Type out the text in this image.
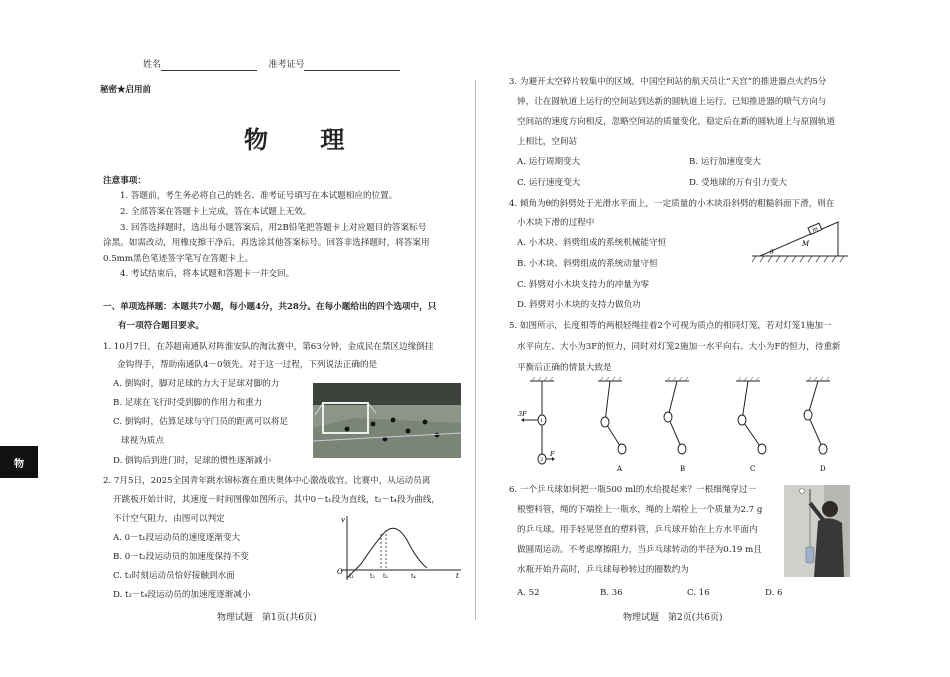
姓名	准考证号
秘密★启用前
物 理
注意事项：
1. 答题前，考生务必将自己的姓名、准考证号填写在本试题相应的位置。
2. 全部答案在答题卡上完成，答在本试题上无效。
3. 回答选择题时，选出每小题答案后，用2B铅笔把答题卡上对应题目的答案标号
涂黑。如需改动，用橡皮擦干净后，再选涂其他答案标号。回答非选择题时，将答案用
0.5mm黑色笔迹签字笔写在答题卡上。
4. 考试结束后，将本试题和答题卡一并交回。
一、单项选择题：本题共7小题，每小题4分，共28分。在每小题给出的四个选项中，只
有一项符合题目要求。
1. 10月7日，在苏超南通队对阵淮安队的淘汰赛中，第63分钟，金成民在禁区边缘倒挂
金钩得手，帮助南通队4－0领先。对于这一过程，下列说法正确的是
A. 倒钩时，脚对足球的力大于足球对脚的力
B. 足球在飞行时受到脚的作用力和重力
C. 倒钩时，估算足球与守门员的距离可以将足
球视为质点
D. 倒钩后到进门时，足球的惯性逐渐减小
2. 7月5日，2025全国青年跳水锦标赛在重庆奥体中心激战收官。比赛中，从运动员离
开跳板开始计时，其速度－时间图像如图所示，其中0－t₁段为直线，t₂－t₄段为曲线，
不计空气阻力，由图可以判定
A. 0－t₁段运动员的速度逐渐变大
B. 0－t₂段运动员的加速度保持不变
C. t₃时刻运动员恰好接触到水面
D. t₂－t₄段运动员的加速度逐渐减小
v
O	t
t₁	t₂ t₃	t₄
物
3. 为避开太空碎片较集中的区域，中国空间站的航天员让“天宫”的推进器点火约5分
钟，让在圆轨道上运行的空间站到达新的圆轨道上运行。已知推进器的喷气方向与
空间站的速度方向相反，忽略空间站的质量变化，稳定后在新的圆轨道上与原圆轨道
上相比，空间站
A. 运行周期变大	B. 运行加速度变大
C. 运行速度变大	D. 受地球的万有引力变大
4. 倾角为θ的斜劈处于光滑水平面上，一定质量的小木块沿斜劈的粗糙斜面下滑，则在
小木块下滑的过程中
A. 小木块、斜劈组成的系统机械能守恒
B. 小木块、斜劈组成的系统动量守恒
C. 斜劈对小木块支持力的冲量为零
D. 斜劈对小木块的支持力做负功
m
M
θ
5. 如图所示，长度相等的两根轻绳挂着2个可视为质点的相同灯笼，若对灯笼1施加一
水平向左、大小为3F的恒力，同时对灯笼2施加一水平向右、大小为F的恒力，待重新
平衡后正确的情景大致是
3F
F
1
2
A	B	C	D
6. 一个乒乓球如何把一瓶500 ml的水给提起来？一根细绳穿过一
根塑料管，绳的下端拴上一瓶水，绳的上端栓上一个质量为2.7 g
的乒乓球。用手轻晃竖直的塑料管，乒乓球开始在上方水平面内
做圆周运动。不考虑摩擦阻力，当乒乓球转动的半径为0.19 m且
水瓶开始升高时，乒乓球每秒转过的圈数约为
A. 52	B. 36	C. 16	D. 6
物理试题　第1页(共6页)	物理试题　第2页(共6页)
